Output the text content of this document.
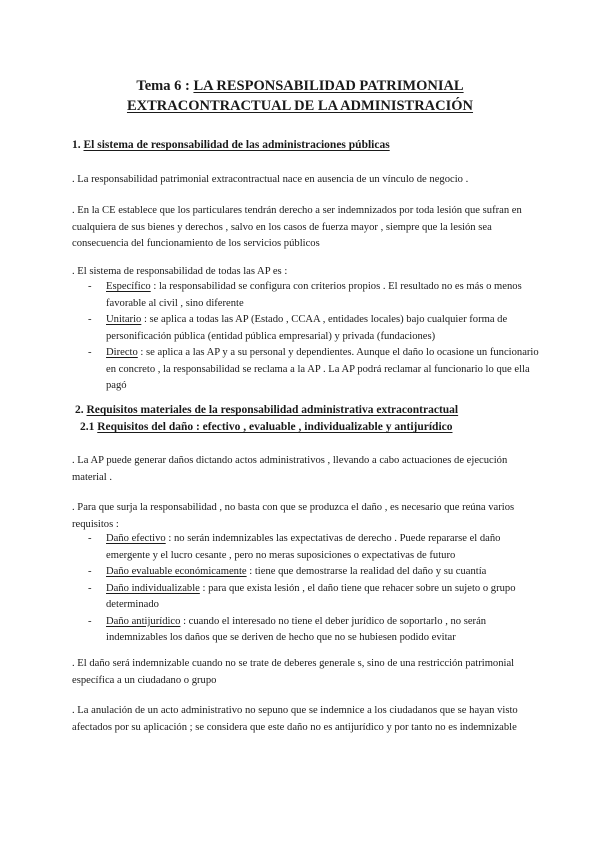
Tema 6 : LA RESPONSABILIDAD PATRIMONIAL
EXTRACONTRACTUAL DE LA ADMINISTRACIÓN
1. El sistema de responsabilidad de las administraciones públicas

. La responsabilidad patrimonial extracontractual nace en ausencia de un vínculo de negocio .

. En la CE establece que los particulares tendrán derecho a ser indemnizados por toda lesión que sufran en cualquiera de sus bienes y derechos , salvo en los casos de fuerza mayor , siempre que la lesión sea consecuencia del funcionamiento de los servicios públicos

. El sistema de responsabilidad de todas las AP es :

- Específico : la responsabilidad se configura con criterios propios . El resultado no es más o menos favorable al civil , sino diferente
- Unitario : se aplica a todas las AP (Estado , CCAA , entidades locales) bajo cualquier forma de personificación pública (entidad pública empresarial) y privada (fundaciones)
- Directo : se aplica a las AP y a su personal y dependientes. Aunque el daño lo ocasione un funcionario en concreto , la responsabilidad se reclama a la AP . La AP podrá reclamar al funcionario lo que ella pagó
2. Requisitos materiales de la responsabilidad administrativa extracontractual
2.1 Requisitos del daño : efectivo , evaluable , individualizable y antijurídico

. La AP puede generar daños dictando actos administrativos , llevando a cabo actuaciones de ejecución material .

. Para que surja la responsabilidad , no basta con que se produzca el daño , es necesario que reúna varios requisitos :

- Daño efectivo : no serán indemnizables las expectativas de derecho . Puede repararse el daño emergente y el lucro cesante , pero no meras suposiciones o expectativas de futuro
- Daño evaluable económicamente : tiene que demostrarse la realidad del daño y su cuantía
- Daño individualizable : para que exista lesión , el daño tiene que rehacer sobre un sujeto o grupo determinado
- Daño antijurídico : cuando el interesado no tiene el deber jurídico de soportarlo , no serán indemnizables los daños que se deriven de hecho que no se hubiesen podido evitar

. El daño será indemnizable cuando no se trate de deberes generale s, sino de una restricción patrimonial específica a un ciudadano o grupo

. La anulación de un acto administrativo no sepuno que se indemnice a los ciudadanos que se hayan visto afectados por su aplicación ; se considera que este daño no es antijurídico y por tanto no es indemnizable
